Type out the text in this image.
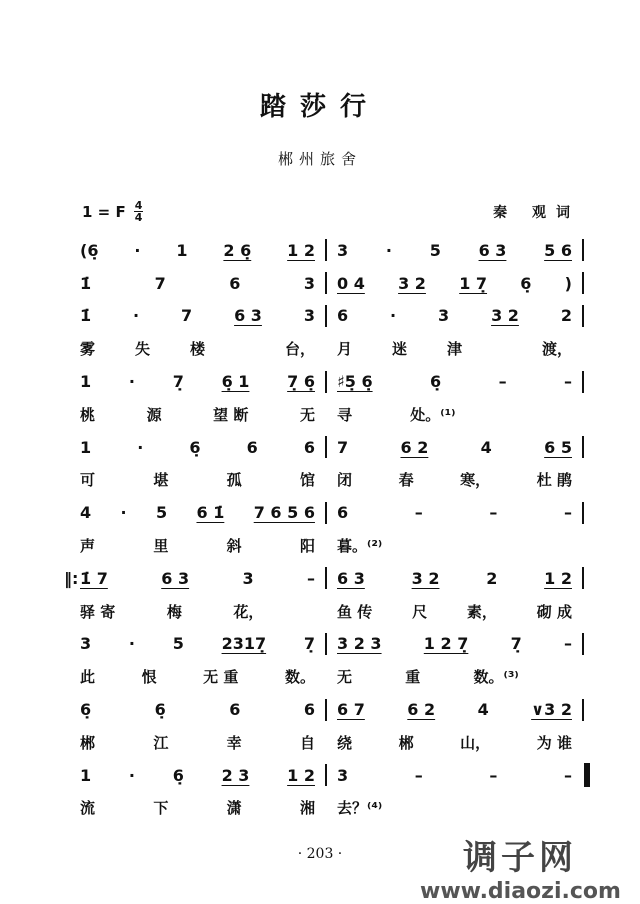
踏莎行
郴州旅舍
1 = F $\frac{4}{4}$	秦 观词
(6̣ · 1 2 6̣ 1 2 3 · 5 6 3 5 6
1̇	7	6	3 0 4 3 2 1 7̣ 6̣ )
1̇	·	7	6 3	3 6	·	3	3 2	2
雾	失	楼	台， 月	迷	津	渡，
1 · 7̣ 6̣ 1 7̣ 6̣ ♯5̣ 6̣	6̣	–	–
桃	源	望 断	无 寻	处。⁽¹⁾
1	·	6̣	6	6 7	6 2	4	6 5
可	堪	孤	馆 闭	春	寒，	杜 鹃
4 · 5 6 1̇ 7 6 5 6 6	–	–	–
声	里	斜	阳 暮。⁽²⁾
‖: 1̇ 7	6 3	3	– 6 3	3 2	2	1 2
驿 寄	梅	花，	鱼 传	尺	素，	砌 成
3 · 5 2317̣ 7̣ 3 2 3	1 2 7̣	7̣	–
此	恨	无 重	数。 无	重	数。⁽³⁾
6̣	6̣	6	6 6 7	6 2	4	∨3 2
郴	江	幸	自 绕	郴	山，	为 谁
1 · 6̣ 2 3 1 2 3	–	–	–
流	下	潇	湘 去？⁽⁴⁾
· 203 ·	调子网
www.diaozi.com
